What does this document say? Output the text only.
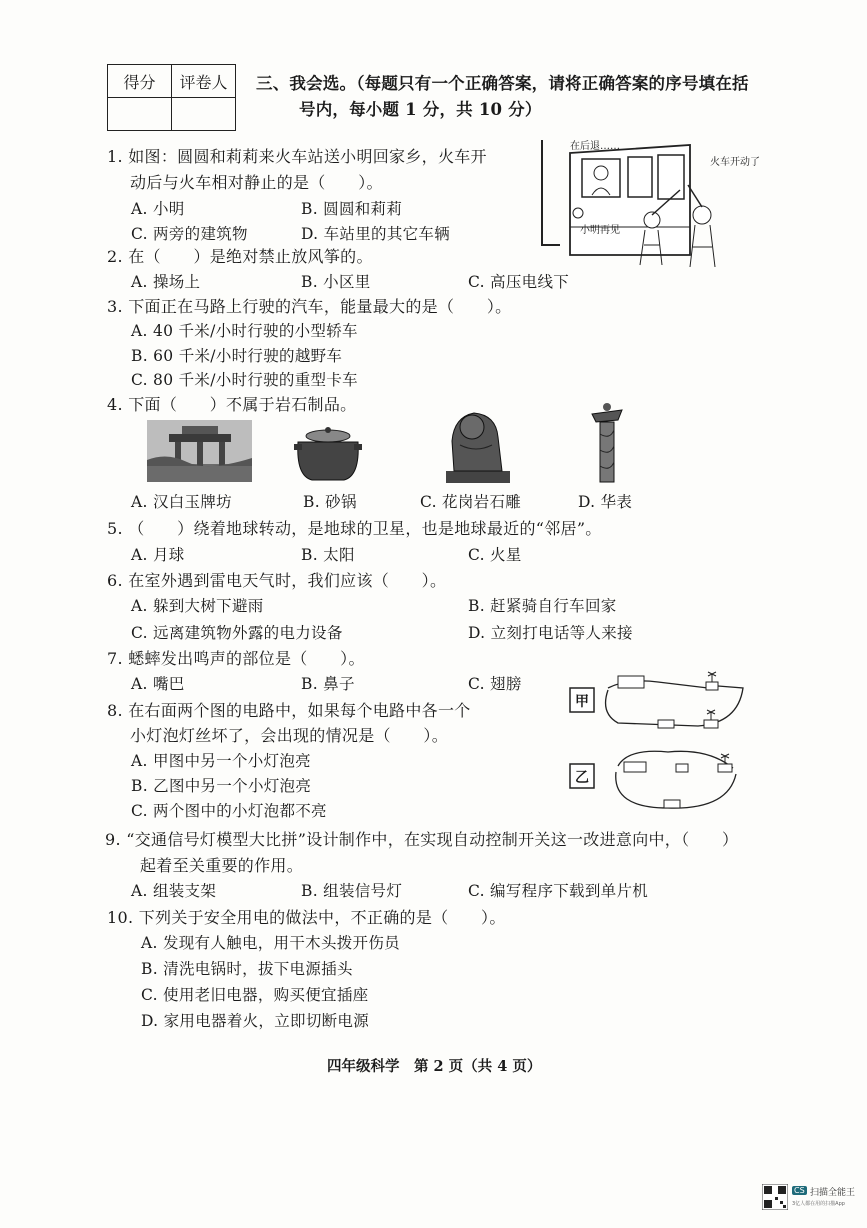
得分	评卷人
	三、我会选。（每题只有一个正确答案，请将正确答案的序号填在括
号内，每小题 1 分，共 10 分）
1. 如图：圆圆和莉莉来火车站送小明回家乡，火车开
动后与火车相对静止的是（　　）。
A. 小明	B. 圆圆和莉莉
C. 两旁的建筑物	D. 车站里的其它车辆
在后退……
火车开动了
小明再见
2. 在（　　）是绝对禁止放风筝的。
A. 操场上	B. 小区里	C. 高压电线下
3. 下面正在马路上行驶的汽车，能量最大的是（　　）。
A. 40 千米/小时行驶的小型轿车
B. 60 千米/小时行驶的越野车
C. 80 千米/小时行驶的重型卡车
4. 下面（　　）不属于岩石制品。
A. 汉白玉牌坊	B. 砂锅	C. 花岗岩石雕	D. 华表
5. （　　）绕着地球转动，是地球的卫星，也是地球最近的“邻居”。
A. 月球	B. 太阳	C. 火星
6. 在室外遇到雷电天气时，我们应该（　　）。
A. 躲到大树下避雨	B. 赶紧骑自行车回家
C. 远离建筑物外露的电力设备	D. 立刻打电话等人来接
7. 蟋蟀发出鸣声的部位是（　　）。
A. 嘴巴	B. 鼻子	C. 翅膀
8. 在右面两个图的电路中，如果每个电路中各一个
小灯泡灯丝坏了，会出现的情况是（　　）。
A. 甲图中另一个小灯泡亮
B. 乙图中另一个小灯泡亮
C. 两个图中的小灯泡都不亮
甲
乙
9. “交通信号灯模型大比拼”设计制作中，在实现自动控制开关这一改进意向中，（　　）
起着至关重要的作用。
A. 组装支架	B. 组装信号灯	C. 编写程序下载到单片机
10. 下列关于安全用电的做法中，不正确的是（　　）。
A. 发现有人触电，用干木头拨开伤员
B. 清洗电锅时，拔下电源插头
C. 使用老旧电器，购买便宜插座
D. 家用电器着火，立即切断电源
四年级科学　第 2 页（共 4 页）
CS 扫描全能王
3亿人都在用的扫描App
